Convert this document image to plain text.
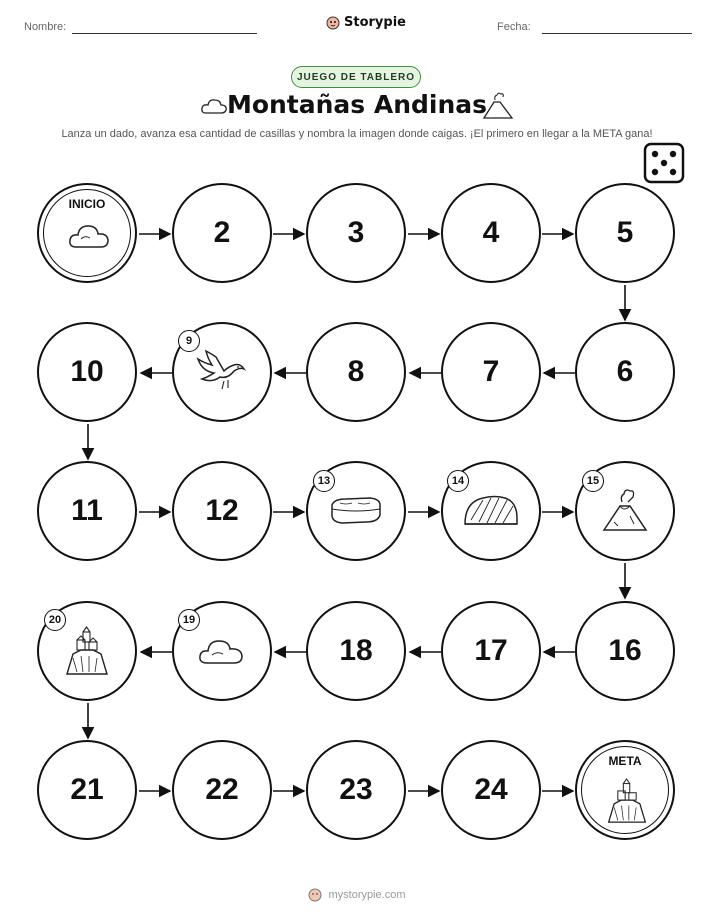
Nombre:	Storypie	Fecha:
JUEGO DE TABLERO
Montañas Andinas
Lanza un dado, avanza esa cantidad de casillas y nombra la imagen donde caigas. ¡El primero en llegar a la META gana!
INICIO
2	3	4	5
6
7
8
10
11	12
16
17
18
21	22	23	24
META
9
13	14	15
19
20
mystorypie.com
